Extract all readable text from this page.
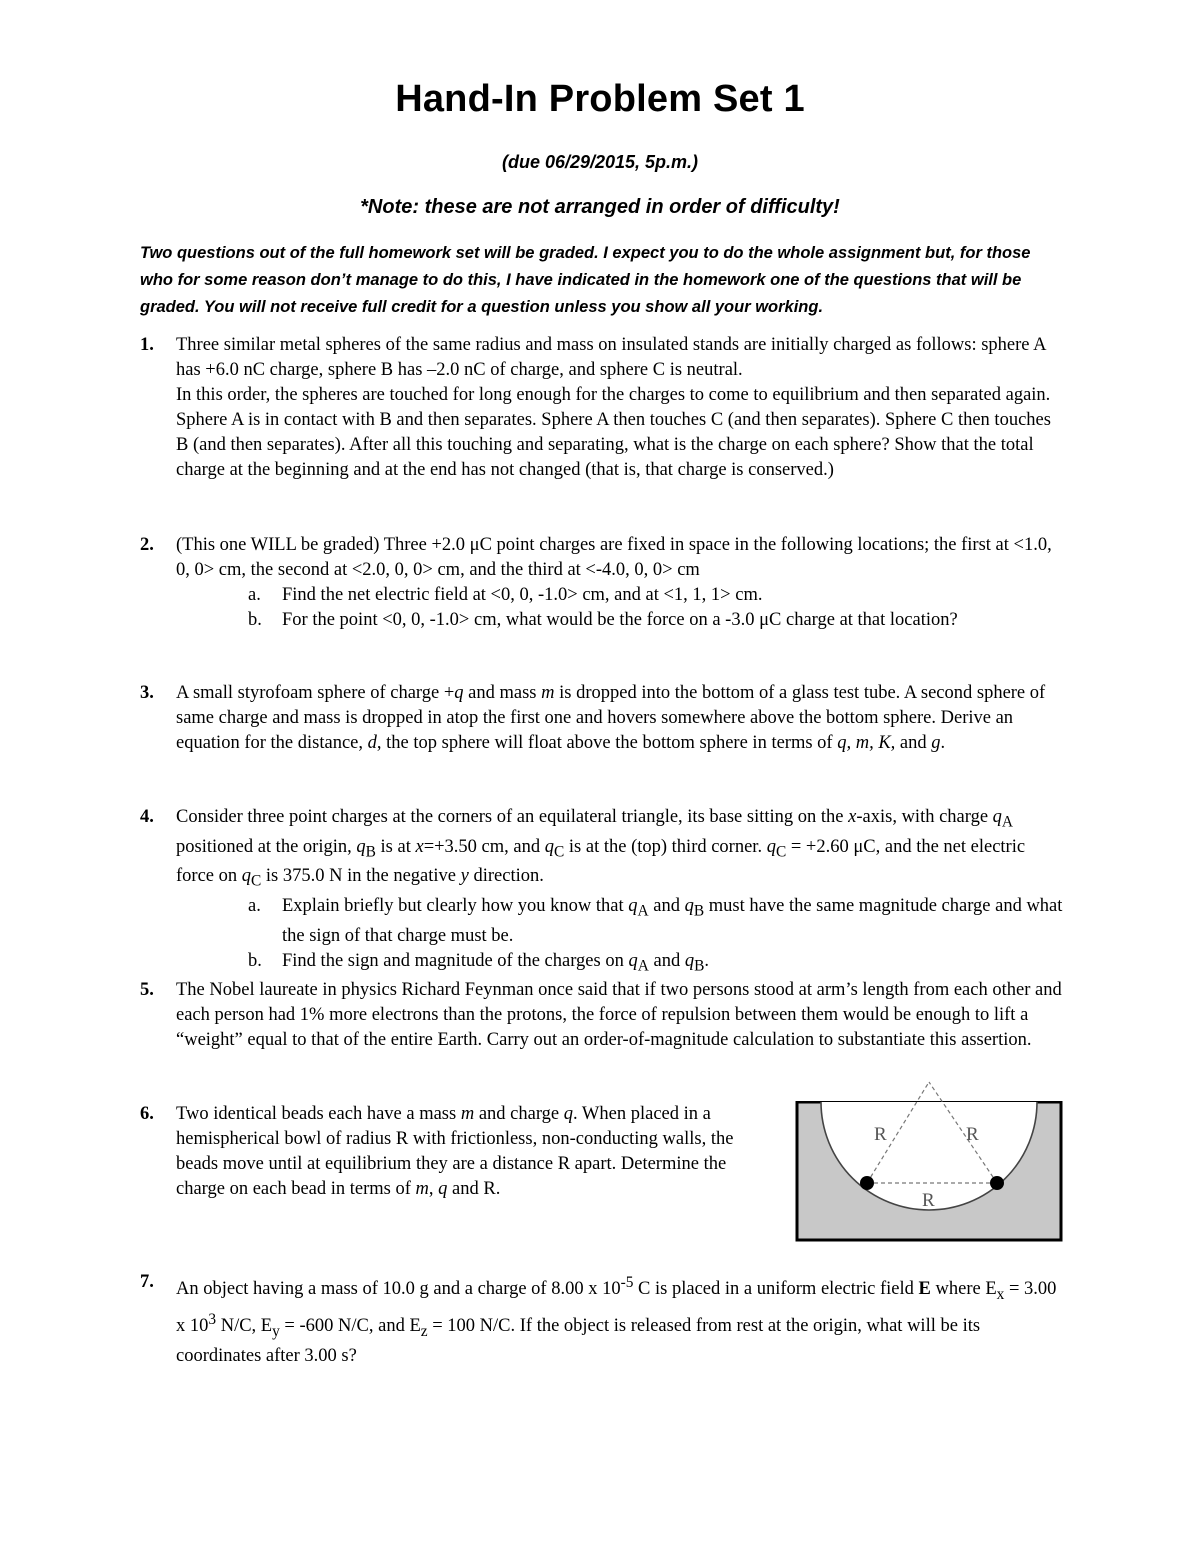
Hand-In Problem Set 1
(due 06/29/2015, 5p.m.)
*Note: these are not arranged in order of difficulty!
Two questions out of the full homework set will be graded. I expect you to do the whole assignment but, for those who for some reason don’t manage to do this, I have indicated in the homework one of the questions that will be graded. You will not receive full credit for a question unless you show all your working.
1. Three similar metal spheres of the same radius and mass on insulated stands are initially charged as follows: sphere A has +6.0 nC charge, sphere B has –2.0 nC of charge, and sphere C is neutral.
In this order, the spheres are touched for long enough for the charges to come to equilibrium and then separated again. Sphere A is in contact with B and then separates. Sphere A then touches C (and then separates). Sphere C then touches B (and then separates). After all this touching and separating, what is the charge on each sphere? Show that the total charge at the beginning and at the end has not changed (that is, that charge is conserved.)
2. (This one WILL be graded) Three +2.0 μC point charges are fixed in space in the following locations; the first at <1.0, 0, 0> cm, the second at <2.0, 0, 0> cm, and the third at <-4.0, 0, 0> cm
a. Find the net electric field at <0, 0, -1.0> cm, and at <1, 1, 1> cm.
b. For the point <0, 0, -1.0> cm, what would be the force on a -3.0 μC charge at that location?
3. A small styrofoam sphere of charge +q and mass m is dropped into the bottom of a glass test tube. A second sphere of same charge and mass is dropped in atop the first one and hovers somewhere above the bottom sphere. Derive an equation for the distance, d, the top sphere will float above the bottom sphere in terms of q, m, K, and g.
4. Consider three point charges at the corners of an equilateral triangle, its base sitting on the x-axis, with charge $q_A$ positioned at the origin, $q_B$ is at x=+3.50 cm, and $q_C$ is at the (top) third corner. $q_C = +2.60$ μC, and the net electric force on $q_C$ is 375.0 N in the negative y direction.
a. Explain briefly but clearly how you know that $q_A$ and $q_B$ must have the same magnitude charge and what the sign of that charge must be.
b. Find the sign and magnitude of the charges on $q_A$ and $q_B$.
5. The Nobel laureate in physics Richard Feynman once said that if two persons stood at arm’s length from each other and each person had 1% more electrons than the protons, the force of repulsion between them would be enough to lift a “weight” equal to that of the entire Earth. Carry out an order-of-magnitude calculation to substantiate this assertion.
6. Two identical beads each have a mass m and charge q. When placed in a hemispherical bowl of radius R with frictionless, non-conducting walls, the beads move until at equilibrium they are a distance R apart. Determine the charge on each bead in terms of m, q and R.
R	R
R
7. An object having a mass of 10.0 g and a charge of 8.00 x $10^{-5}$ C is placed in a uniform electric field E where $E_x = 3.00$ x $10^3$ N/C, $E_y = -600$ N/C, and $E_z = 100$ N/C. If the object is released from rest at the origin, what will be its coordinates after 3.00 s?
